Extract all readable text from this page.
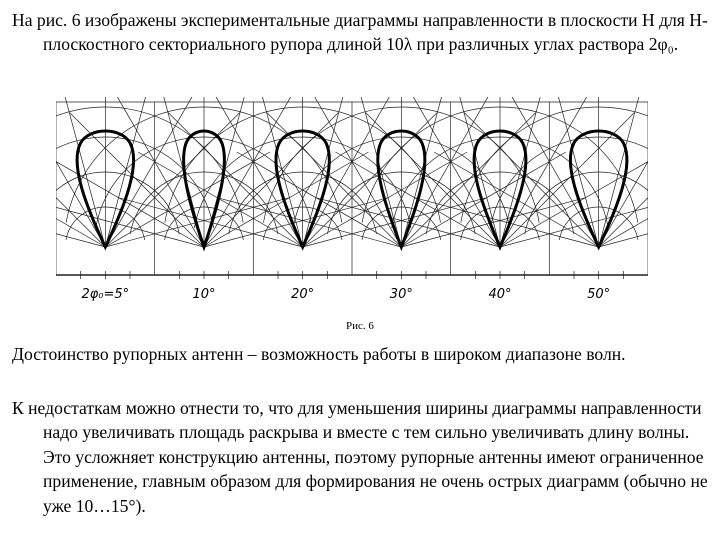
На рис. 6 изображены экспериментальные диаграммы направленности в плоскости Н для Н-плоскостного секториального рупора длиной 10λ при различных углах раствора 2φ₀.
2φ₀=5°	10°	20°	30°	40°	50°
Рис. 6
Достоинство рупорных антенн – возможность работы в широком диапазоне волн.
К недостаткам можно отнести то, что для уменьшения ширины диаграммы направленности надо увеличивать площадь раскрыва и вместе с тем сильно увеличивать длину волны. Это усложняет конструкцию антенны, поэтому рупорные антенны имеют ограниченное применение, главным образом для формирования не очень острых диаграмм (обычно не уже 10…15°).
